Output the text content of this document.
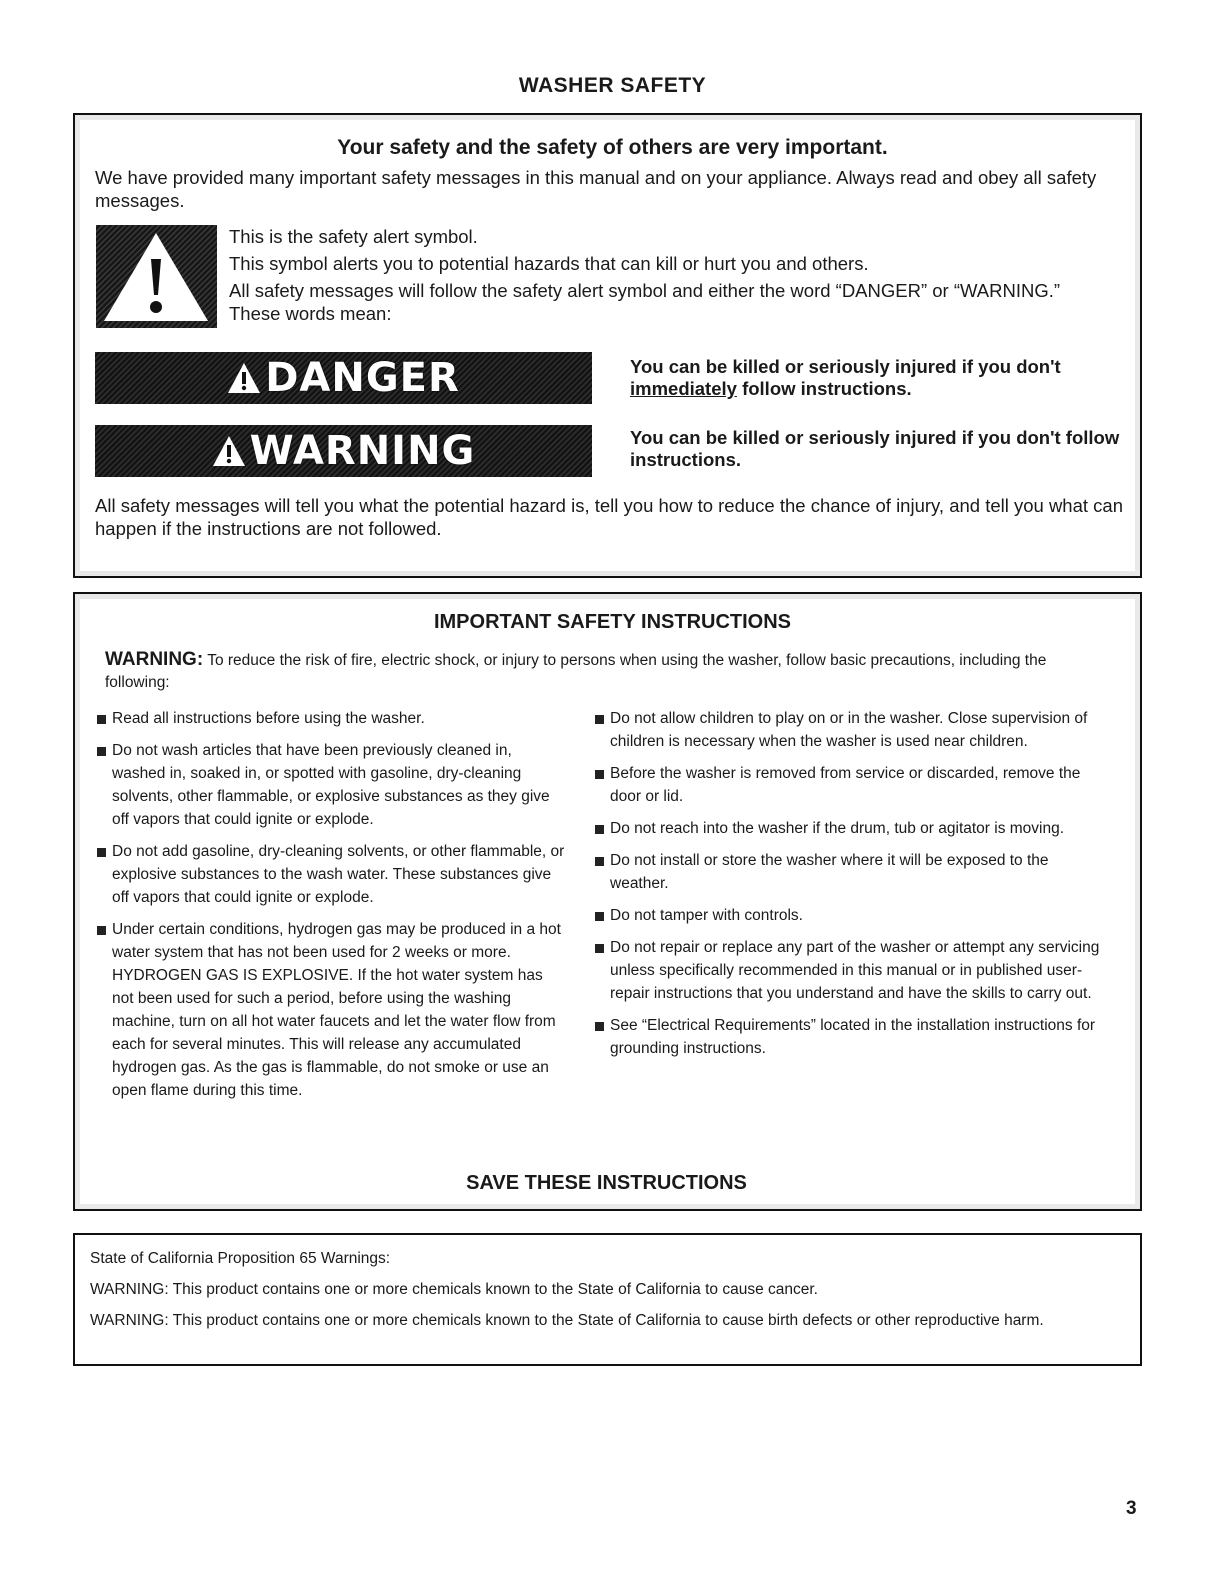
WASHER SAFETY
Your safety and the safety of others are very important.
We have provided many important safety messages in this manual and on your appliance. Always read and obey all safety messages.

This is the safety alert symbol.

This symbol alerts you to potential hazards that can kill or hurt you and others.

All safety messages will follow the safety alert symbol and either the word “DANGER” or “WARNING.” These words mean:

DANGER	You can be killed or seriously injured if you don't
immediately follow instructions.
WARNING	You can be killed or seriously injured if you don't follow instructions.
All safety messages will tell you what the potential hazard is, tell you how to reduce the chance of injury, and tell you what can happen if the instructions are not followed.
IMPORTANT SAFETY INSTRUCTIONS
WARNING: To reduce the risk of fire, electric shock, or injury to persons when using the washer, follow basic precautions, including the following:
Read all instructions before using the washer.
Do not wash articles that have been previously cleaned in, washed in, soaked in, or spotted with gasoline, dry-cleaning solvents, other flammable, or explosive substances as they give off vapors that could ignite or explode.
Do not add gasoline, dry-cleaning solvents, or other flammable, or explosive substances to the wash water. These substances give off vapors that could ignite or explode.
Under certain conditions, hydrogen gas may be produced in a hot water system that has not been used for 2 weeks or more. HYDROGEN GAS IS EXPLOSIVE. If the hot water system has not been used for such a period, before using the washing machine, turn on all hot water faucets and let the water flow from each for several minutes. This will release any accumulated hydrogen gas. As the gas is flammable, do not smoke or use an open flame during this time.
Do not allow children to play on or in the washer. Close supervision of children is necessary when the washer is used near children.
Before the washer is removed from service or discarded, remove the door or lid.
Do not reach into the washer if the drum, tub or agitator is moving.
Do not install or store the washer where it will be exposed to the weather.
Do not tamper with controls.
Do not repair or replace any part of the washer or attempt any servicing unless specifically recommended in this manual or in published user-repair instructions that you understand and have the skills to carry out.
See “Electrical Requirements” located in the installation instructions for grounding instructions.
SAVE THESE INSTRUCTIONS

State of California Proposition 65 Warnings:

WARNING: This product contains one or more chemicals known to the State of California to cause cancer.

WARNING: This product contains one or more chemicals known to the State of California to cause birth defects or other reproductive harm.

3
